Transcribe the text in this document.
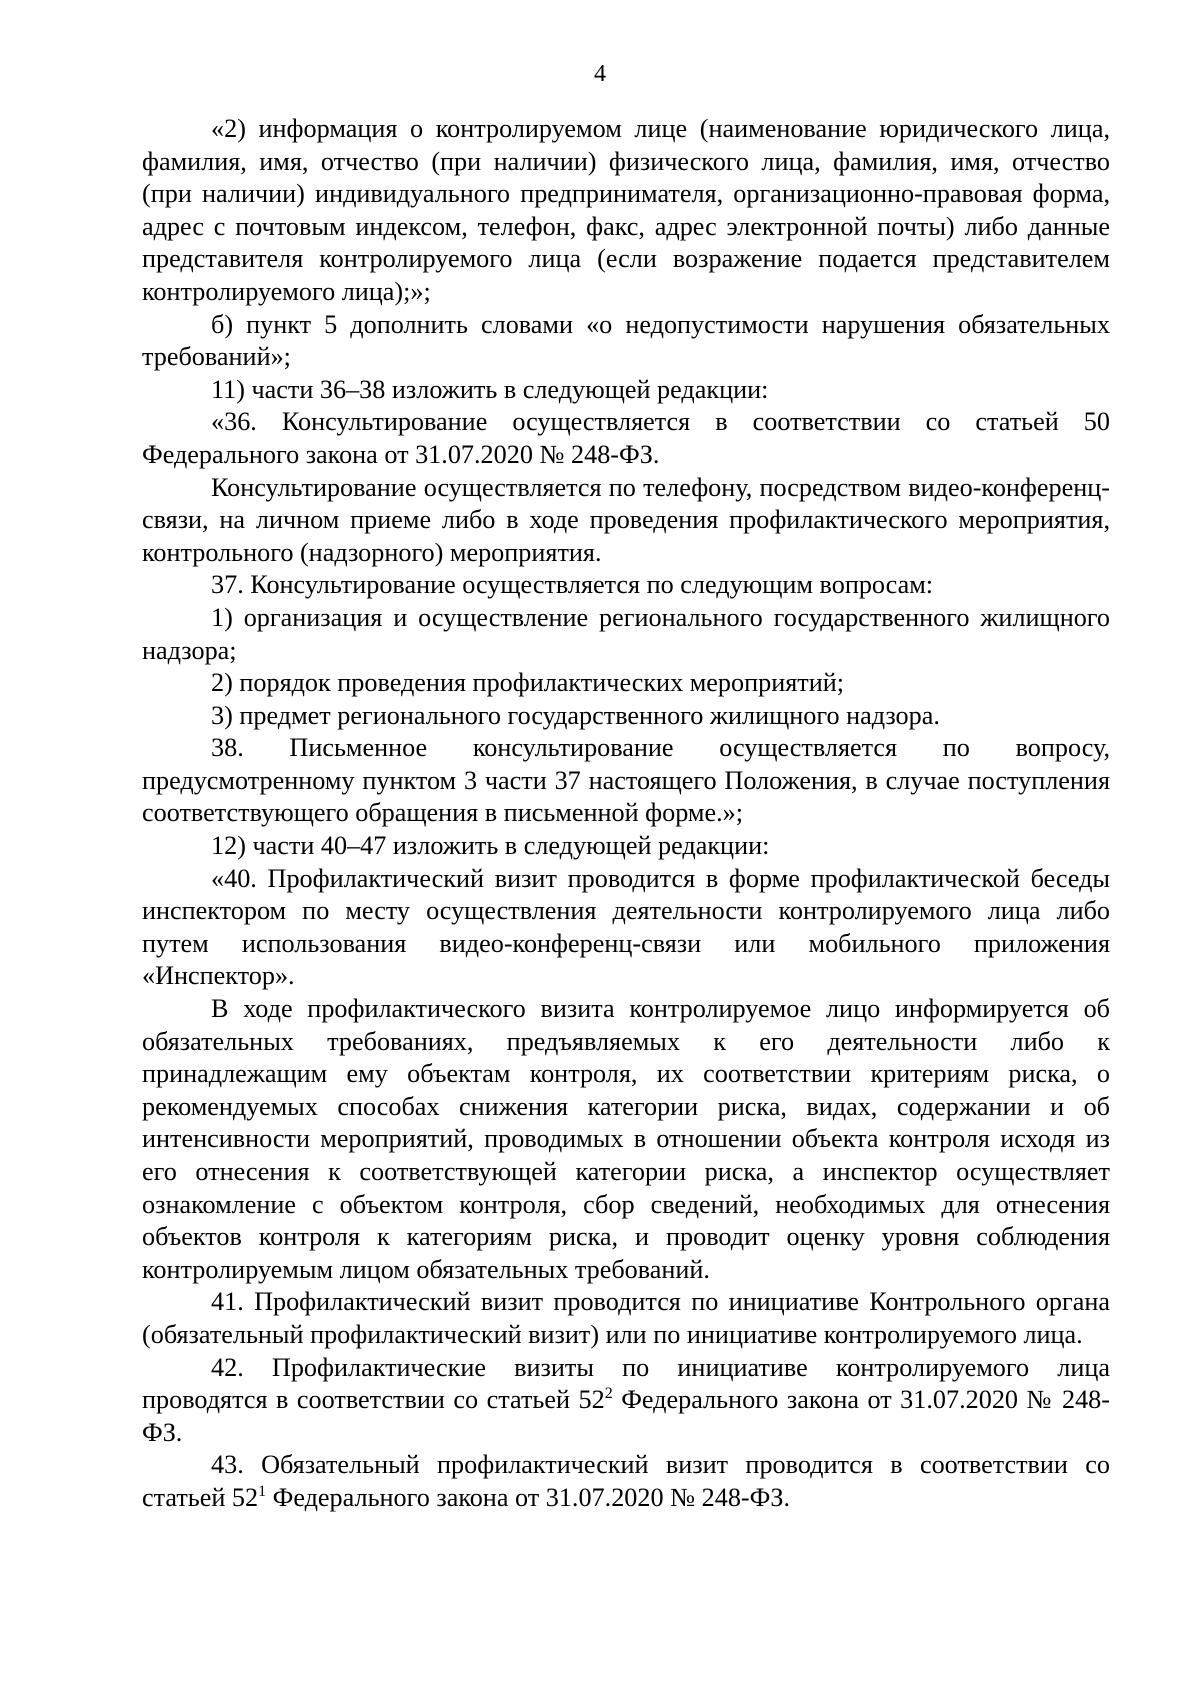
4

«2) информация о контролируемом лице (наименование юридического лица, фамилия, имя, отчество (при наличии) физического лица, фамилия, имя, отчество (при наличии) индивидуального предпринимателя, организационно-правовая форма, адрес с почтовым индексом, телефон, факс, адрес электронной почты) либо данные представителя контролируемого лица (если возражение подается представителем контролируемого лица);»;

б) пункт 5 дополнить словами «о недопустимости нарушения обязательных требований»;

11) части 36–38 изложить в следующей редакции:

«36. Консультирование осуществляется в соответствии со статьей 50 Федерального закона от 31.07.2020 № 248-ФЗ.

Консультирование осуществляется по телефону, посредством видео-конференц-связи, на личном приеме либо в ходе проведения профилактического мероприятия, контрольного (надзорного) мероприятия.

37. Консультирование осуществляется по следующим вопросам:

1) организация и осуществление регионального государственного жилищного надзора;

2) порядок проведения профилактических мероприятий;

3) предмет регионального государственного жилищного надзора.

38. Письменное консультирование осуществляется по вопросу, предусмотренному пунктом 3 части 37 настоящего Положения, в случае поступления соответствующего обращения в письменной форме.»;

12) части 40–47 изложить в следующей редакции:

«40. Профилактический визит проводится в форме профилактической беседы инспектором по месту осуществления деятельности контролируемого лица либо путем использования видео-конференц-связи или мобильного приложения «Инспектор».

В ходе профилактического визита контролируемое лицо информируется об обязательных требованиях, предъявляемых к его деятельности либо к принадлежащим ему объектам контроля, их соответствии критериям риска, о рекомендуемых способах снижения категории риска, видах, содержании и об интенсивности мероприятий, проводимых в отношении объекта контроля исходя из его отнесения к соответствующей категории риска, а инспектор осуществляет ознакомление с объектом контроля, сбор сведений, необходимых для отнесения объектов контроля к категориям риска, и проводит оценку уровня соблюдения контролируемым лицом обязательных требований.

41. Профилактический визит проводится по инициативе Контрольного органа (обязательный профилактический визит) или по инициативе контролируемого лица.

42. Профилактические визиты по инициативе контролируемого лица проводятся в соответствии со статьей $52^2$ Федерального закона от 31.07.2020 № 248-ФЗ.

43. Обязательный профилактический визит проводится в соответствии со статьей $52^1$ Федерального закона от 31.07.2020 № 248-ФЗ.
